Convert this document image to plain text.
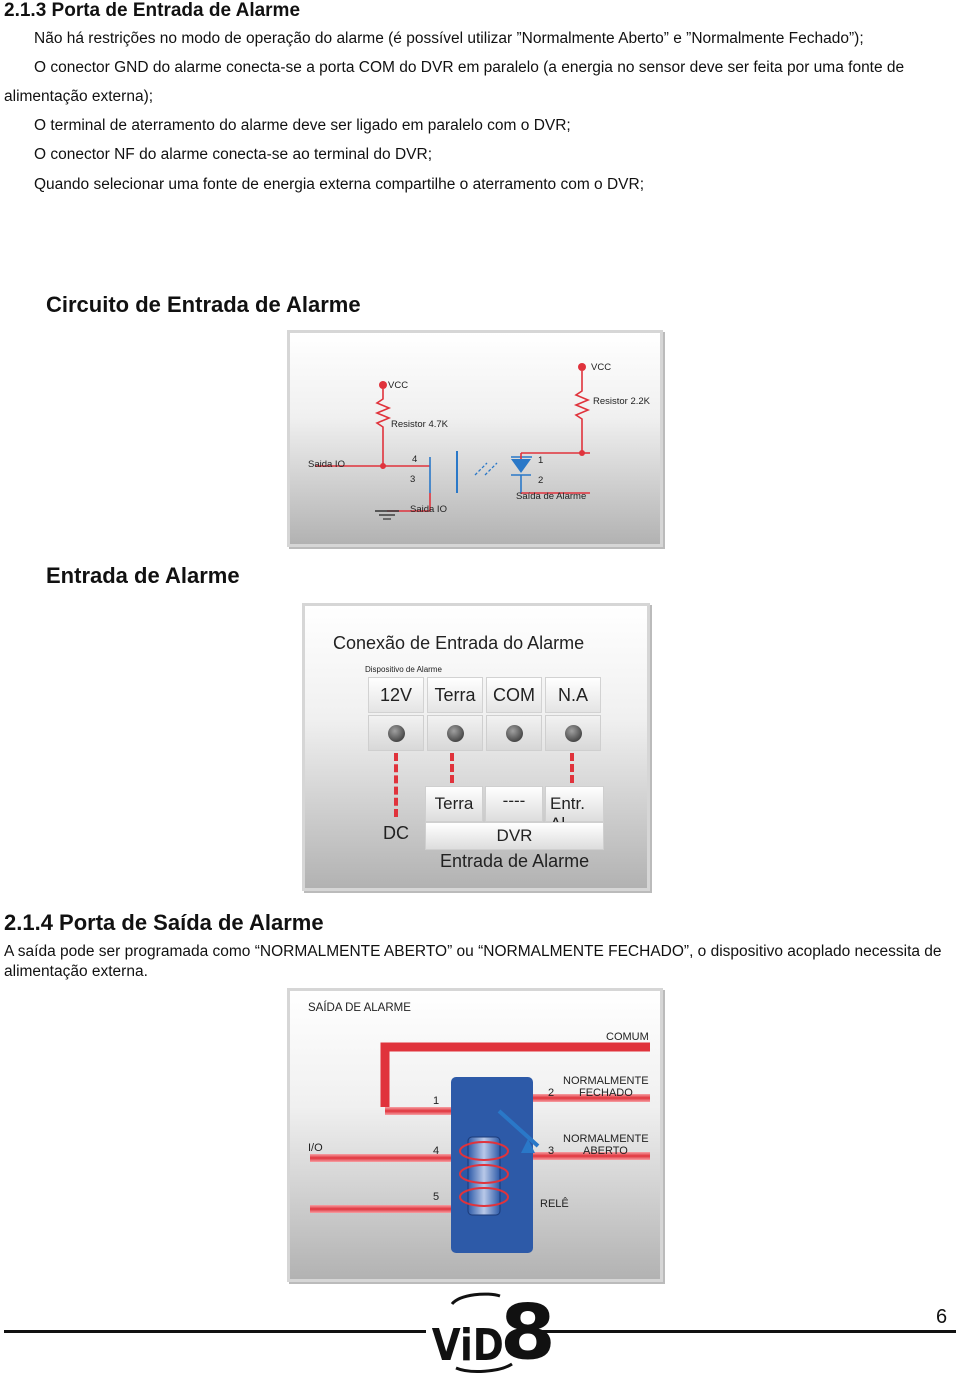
2.1.3 Porta de Entrada de Alarme
Não há restrições no modo de operação do alarme (é possível utilizar ”Normalmente Aberto” e ”Normalmente Fechado”);
O conector GND do alarme conecta-se a porta COM do DVR em paralelo (a energia no sensor deve ser feita por uma fonte de
alimentação externa);
O terminal de aterramento do alarme deve ser ligado em paralelo com o DVR;
O conector NF do alarme conecta-se ao terminal do DVR;
Quando selecionar uma fonte de energia externa compartilhe o aterramento com o DVR;
Circuito de Entrada de Alarme
VCC
VCC
Resistor 4.7K
Resistor 2.2K
Saida IO	4
3
1
2
Saída de Alarme
Saida IO
Entrada de Alarme
Conexão de Entrada do Alarme
Dispositivo de Alarme
12V Terra COM N.A
DC
Terra ---- Entr.
DVR
Entrada de Alarme
2.1.4 Porta de Saída de Alarme
A saída pode ser programada como “NORMALMENTE ABERTO” ou “NORMALMENTE FECHADO”, o dispositivo acoplado necessita de alimentação externa.
SAÍDA DE ALARME
COMUM
NORMALMENTE
FECHADO
NORMALMENTE
ABERTO
I/O
1
2
3
4
5
RELÊ
ViD
8	6
